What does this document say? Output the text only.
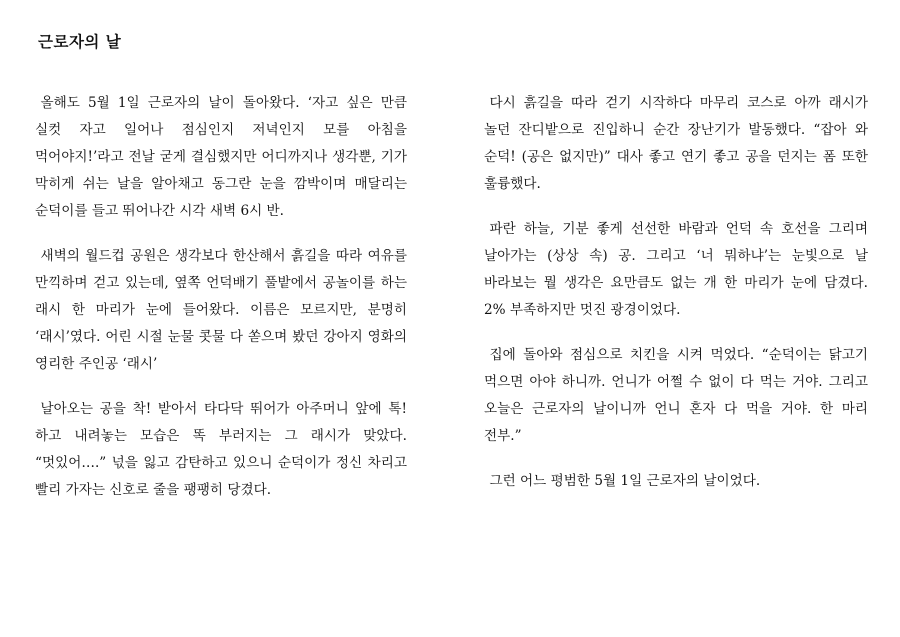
근로자의 날

올해도 5월 1일 근로자의 날이 돌아왔다. ‘자고 싶은 만큼 실컷 자고 일어나 점심인지 저녁인지 모를 아침을 먹어야지!’라고 전날 굳게 결심했지만 어디까지나 생각뿐, 기가 막히게 쉬는 날을 알아채고 동그란 눈을 깜박이며 매달리는 순덕이를 들고 뛰어나간 시각 새벽 6시 반.

새벽의 월드컵 공원은 생각보다 한산해서 흙길을 따라 여유를 만끽하며 걷고 있는데, 옆쪽 언덕배기 풀밭에서 공놀이를 하는 래시 한 마리가 눈에 들어왔다. 이름은 모르지만, 분명히 ‘래시’였다. 어린 시절 눈물 콧물 다 쏟으며 봤던 강아지 영화의 영리한 주인공 ‘래시’

날아오는 공을 착! 받아서 타다닥 뛰어가 아주머니 앞에 톡! 하고 내려놓는 모습은 똑 부러지는 그 래시가 맞았다. “멋있어….” 넋을 잃고 감탄하고 있으니 순덕이가 정신 차리고 빨리 가자는 신호로 줄을 팽팽히 당겼다.

다시 흙길을 따라 걷기 시작하다 마무리 코스로 아까 래시가 놀던 잔디밭으로 진입하니 순간 장난기가 발동했다. “잡아 와 순덕! (공은 없지만)” 대사 좋고 연기 좋고 공을 던지는 폼 또한 훌륭했다.

파란 하늘, 기분 좋게 선선한 바람과 언덕 속 호선을 그리며 날아가는 (상상 속) 공. 그리고 ‘너 뭐하냐’는 눈빛으로 날 바라보는 뭘 생각은 요만큼도 없는 개 한 마리가 눈에 담겼다. 2% 부족하지만 멋진 광경이었다.

집에 돌아와 점심으로 치킨을 시켜 먹었다. “순덕이는 닭고기 먹으면 아야 하니까. 언니가 어쩔 수 없이 다 먹는 거야. 그리고 오늘은 근로자의 날이니까 언니 혼자 다 먹을 거야. 한 마리 전부.”

그런 어느 평범한 5월 1일 근로자의 날이었다.
